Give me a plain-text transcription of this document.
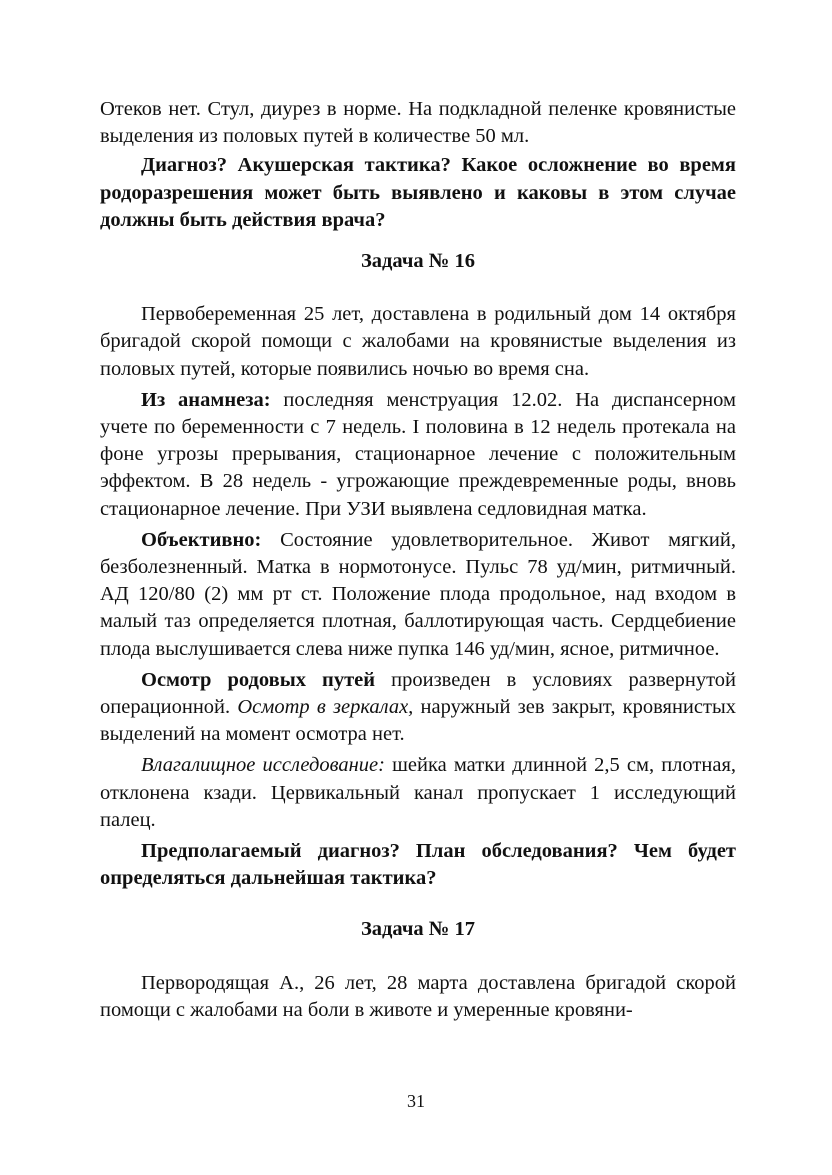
Отеков нет. Стул, диурез в норме. На подкладной пеленке кровянистые выделения из половых путей в количестве 50 мл.

Диагноз? Акушерская тактика? Какое осложнение во время родоразрешения может быть выявлено и каковы в этом случае должны быть действия врача?

Задача № 16

Первобеременная 25 лет, доставлена в родильный дом 14 октября бригадой скорой помощи с жалобами на кровянистые выделения из половых путей, которые появились ночью во время сна.

Из анамнеза: последняя менструация 12.02. На диспансерном учете по беременности с 7 недель. I половина в 12 недель протекала на фоне угрозы прерывания, стационарное лечение с положительным эффектом. В 28 недель - угрожающие преждевременные роды, вновь стационарное лечение. При УЗИ выявлена седловидная матка.

Объективно: Состояние удовлетворительное. Живот мягкий, безболезненный. Матка в нормотонусе. Пульс 78 уд/мин, ритмичный. АД 120/80 (2) мм рт ст. Положение плода продольное, над входом в малый таз определяется плотная, баллотирующая часть. Сердцебиение плода выслушивается слева ниже пупка 146 уд/мин, ясное, ритмичное.

Осмотр родовых путей произведен в условиях развернутой операционной. Осмотр в зеркалах, наружный зев закрыт, кровянистых выделений на момент осмотра нет.

Влагалищное исследование: шейка матки длинной 2,5 см, плотная, отклонена кзади. Цервикальный канал пропускает 1 исследующий палец.

Предполагаемый диагноз? План обследования? Чем будет определяться дальнейшая тактика?

Задача № 17

Первородящая А., 26 лет, 28 марта доставлена бригадой скорой помощи с жалобами на боли в животе и умеренные кровяни-

31
